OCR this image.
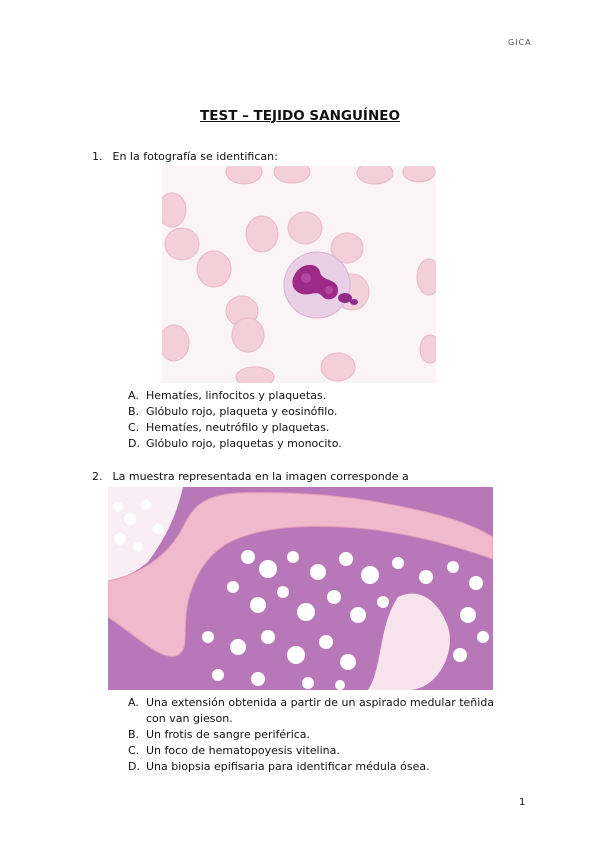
GICA
TEST – TEJIDO SANGUÍNEO
1. En la fotografía se identifican:
A. Hematíes, linfocitos y plaquetas.
B. Glóbulo rojo, plaqueta y eosinófilo.
C. Hematíes, neutrófilo y plaquetas.
D. Glóbulo rojo, plaquetas y monocito.
2. La muestra representada en la imagen corresponde a
A. Una extensión obtenida a partir de un aspirado medular teñida con van gieson.
B. Un frotis de sangre periférica.
C. Un foco de hematopoyesis vitelina.
D. Una biopsia epifisaria para identificar médula ósea.
1
